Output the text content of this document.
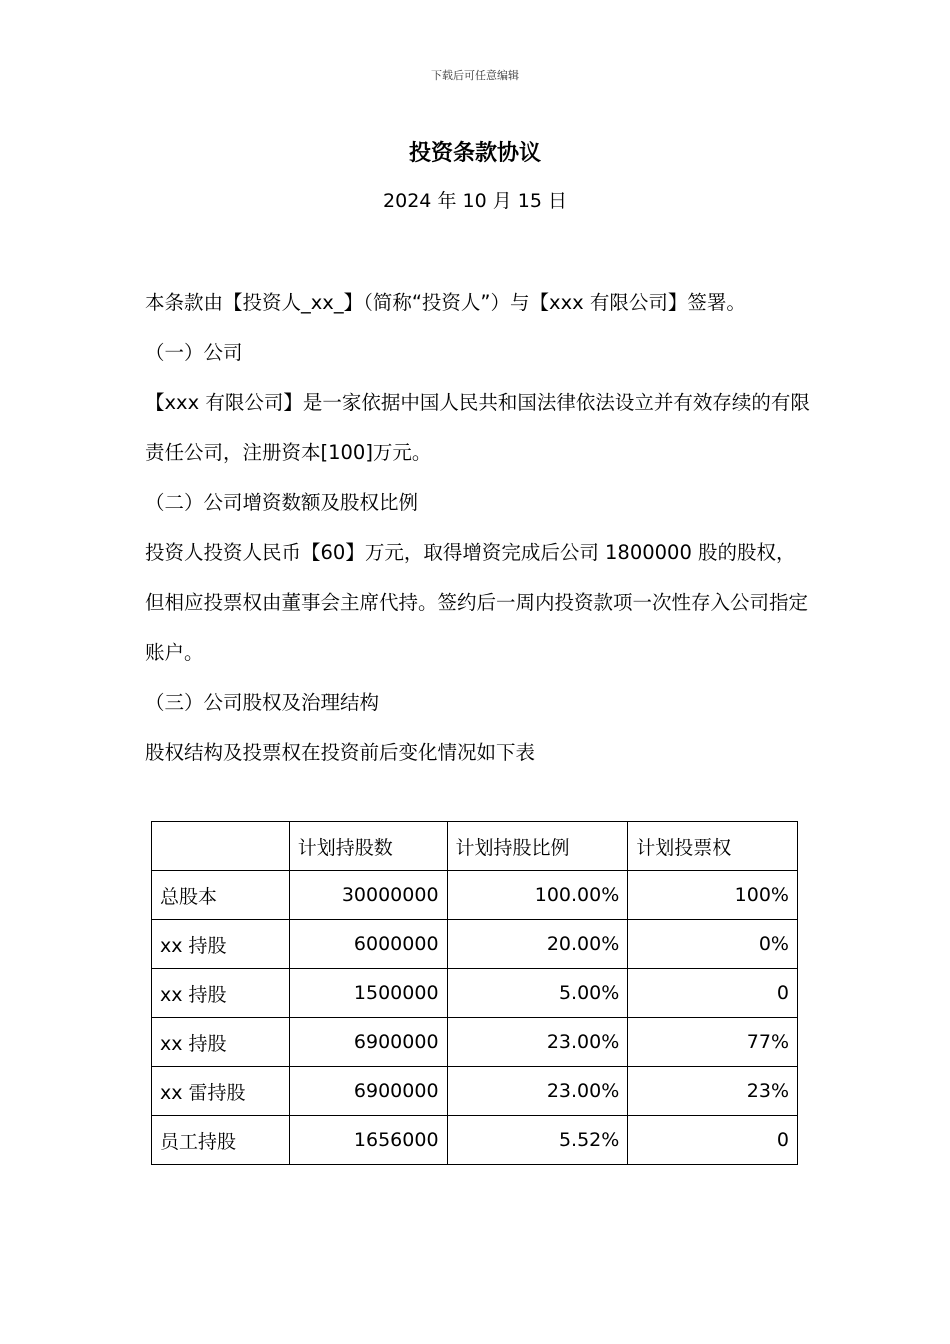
下载后可任意编辑
投资条款协议
2024 年 10 月 15 日

本条款由【投资人_xx_】（简称“投资人”）与【xxx 有限公司】签署。

（一）公司

【xxx 有限公司】是一家依据中国人民共和国法律依法设立并有效存续的有限责任公司，注册资本[100]万元。

（二）公司增资数额及股权比例

投资人投资人民币【60】万元，取得增资完成后公司 1800000 股的股权，但相应投票权由董事会主席代持。签约后一周内投资款项一次性存入公司指定账户。

（三）公司股权及治理结构

股权结构及投票权在投资前后变化情况如下表

	计划持股数	计划持股比例	计划投票权
总股本	30000000	100.00%	100%
xx 持股	6000000	20.00%	0%
xx 持股	1500000	5.00%	0
xx 持股	6900000	23.00%	77%
xx 雷持股	6900000	23.00%	23%
员工持股	1656000	5.52%	0
